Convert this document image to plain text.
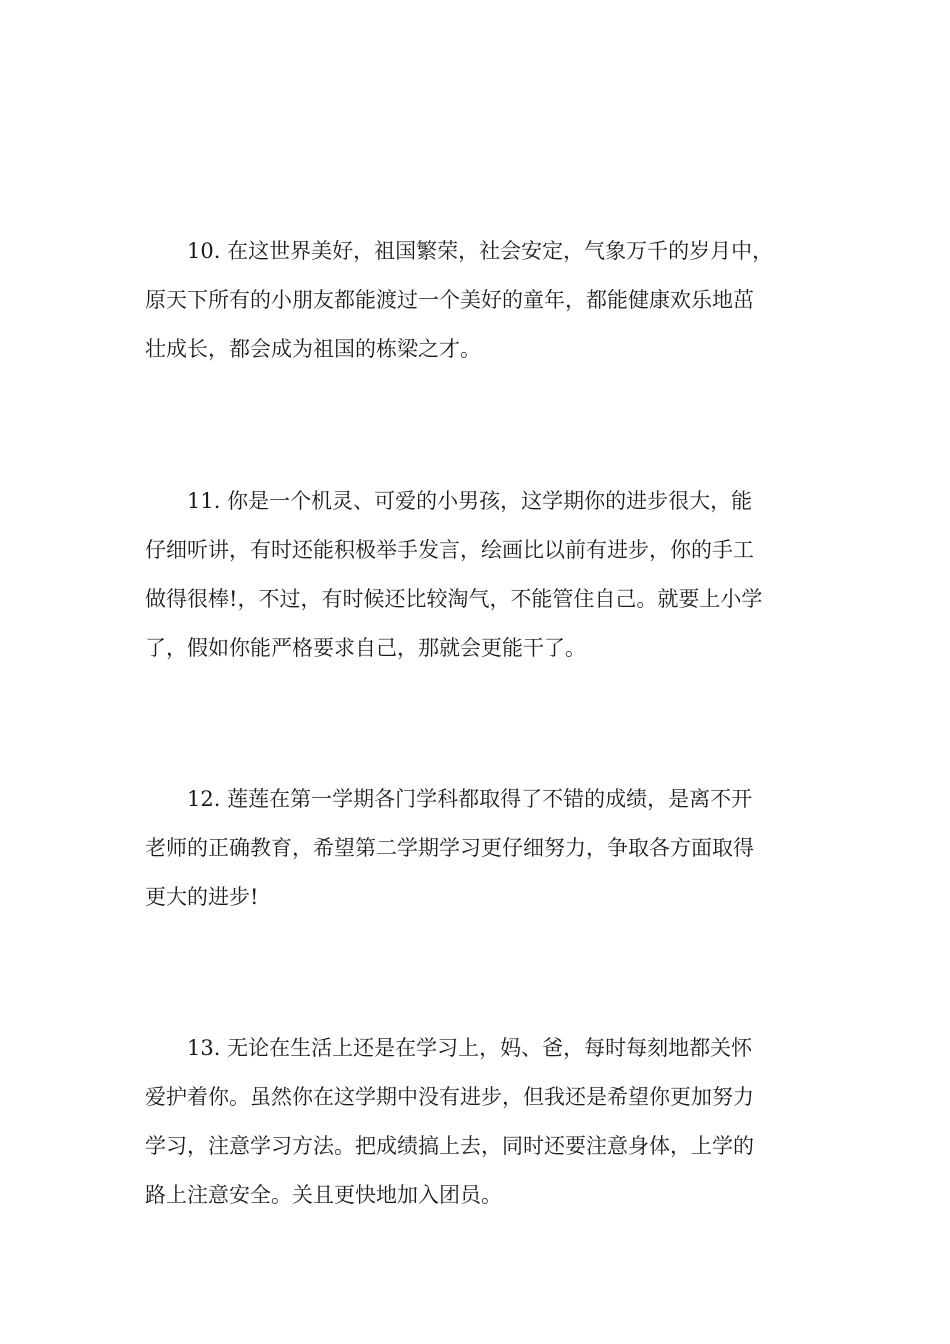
10. 在这世界美好，祖国繁荣，社会安定，气象万千的岁月中，
原天下所有的小朋友都能渡过一个美好的童年，都能健康欢乐地茁
壮成长，都会成为祖国的栋梁之才。

11. 你是一个机灵、可爱的小男孩，这学期你的进步很大，能
仔细听讲，有时还能积极举手发言，绘画比以前有进步，你的手工
做得很棒!，不过，有时候还比较淘气，不能管住自己。就要上小学
了，假如你能严格要求自己，那就会更能干了。

12. 莲莲在第一学期各门学科都取得了不错的成绩，是离不开
老师的正确教育，希望第二学期学习更仔细努力，争取各方面取得
更大的进步!

13. 无论在生活上还是在学习上，妈、爸，每时每刻地都关怀
爱护着你。虽然你在这学期中没有进步，但我还是希望你更加努力
学习，注意学习方法。把成绩搞上去，同时还要注意身体，上学的
路上注意安全。关且更快地加入团员。
